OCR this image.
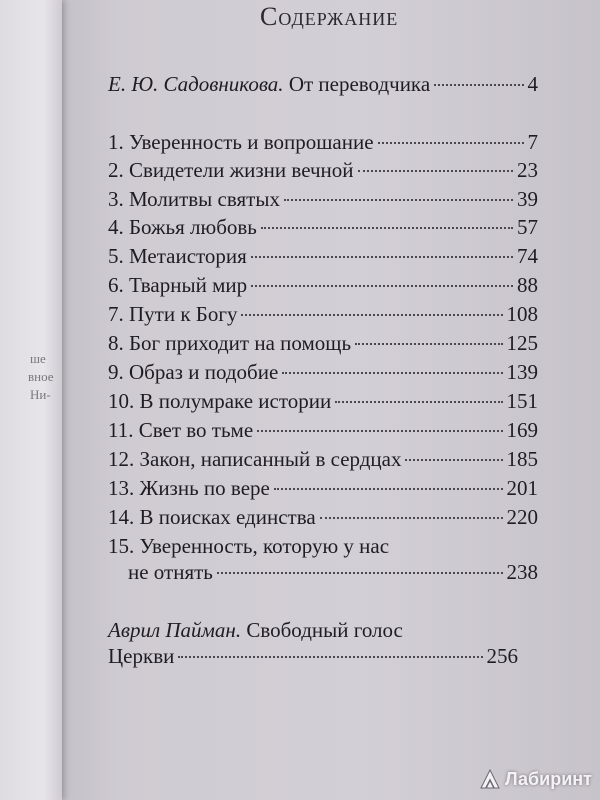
ше
вное
Ни-
Содержание
Е. Ю. Садовникова. От переводчика	4
1. Уверенность и вопрошание	7
2. Свидетели жизни вечной	23
3. Молитвы святых	39
4. Божья любовь	57
5. Метаистория	74
6. Тварный мир	88
7. Пути к Богу	108
8. Бог приходит на помощь	125
9. Образ и подобие	139
10. В полумраке истории	151
11. Свет во тьме	169
12. Закон, написанный в сердцах	185
13. Жизнь по вере	201
14. В поисках единства	220
15. Уверенность, которую у нас
не отнять	238
Аврил Пайман. Свободный голос
Церкви	256
Лабиринт
